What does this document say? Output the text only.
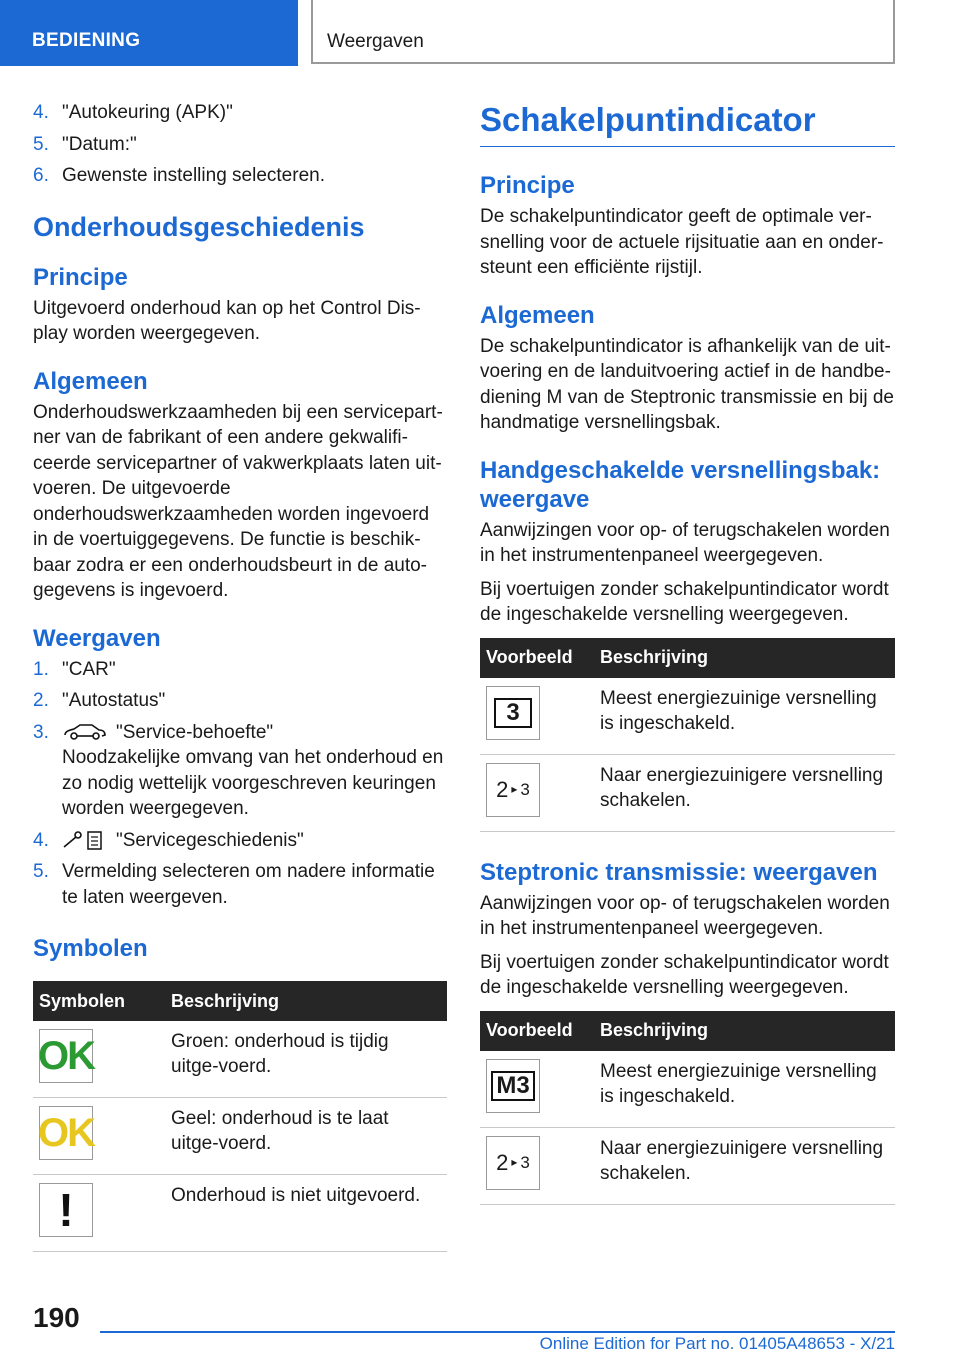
BEDIENING	Weergaven
4. "Autokeuring (APK)"
5. "Datum:"
6. Gewenste instelling selecteren.
Onderhoudsgeschiedenis
Principe

Uitgevoerd onderhoud kan op het Control Dis-play worden weergegeven.

Algemeen

Onderhoudswerkzaamheden bij een servicepart-ner van de fabrikant of een andere gekwalifi-ceerde servicepartner of vakwerkplaats laten uit-voeren. De uitgevoerde onderhoudswerkzaamheden worden ingevoerd in de voertuiggegevens. De functie is beschik-baar zodra er een onderhoudsbeurt in de auto-gegevens is ingevoerd.

Weergaven
1. "CAR"
2. "Autostatus"
3.	"Service-behoefte"
Noodzakelijke omvang van het onderhoud en zo nodig wettelijk voorgeschreven keuringen worden weergegeven.
4.	"Servicegeschiedenis"
5. Vermelding selecteren om nadere informatie te laten weergeven.
Symbolen
Symbolen	Beschrijving

OK	Groen: onderhoud is tijdig uitge-voerd.

OK	Geel: onderhoud is te laat uitge-voerd.

!	Onderhoud is niet uitgevoerd.
Schakelpuntindicator
Principe

De schakelpuntindicator geeft de optimale ver-snelling voor de actuele rijsituatie aan en onder-steunt een efficiënte rijstijl.

Algemeen

De schakelpuntindicator is afhankelijk van de uit-voering en de landuitvoering actief in de handbe-diening M van de Steptronic transmissie en bij de handmatige versnellingsbak.

Handgeschakelde versnellingsbak: weergave

Aanwijzingen voor op- of terugschakelen worden in het instrumentenpaneel weergegeven.

Bij voertuigen zonder schakelpuntindicator wordt de ingeschakelde versnelling weergegeven.

Voorbeeld	Beschrijving

3	Meest energiezuinige versnelling is ingeschakeld.

2 ▸ 3	Naar energiezuinigere versnelling schakelen.
Steptronic transmissie: weergaven

Aanwijzingen voor op- of terugschakelen worden in het instrumentenpaneel weergegeven.

Bij voertuigen zonder schakelpuntindicator wordt de ingeschakelde versnelling weergegeven.

Voorbeeld	Beschrijving

M3	Meest energiezuinige versnelling is ingeschakeld.

2 ▸ 3	Naar energiezuinigere versnelling schakelen.
190
Online Edition for Part no. 01405A48653 - X/21
